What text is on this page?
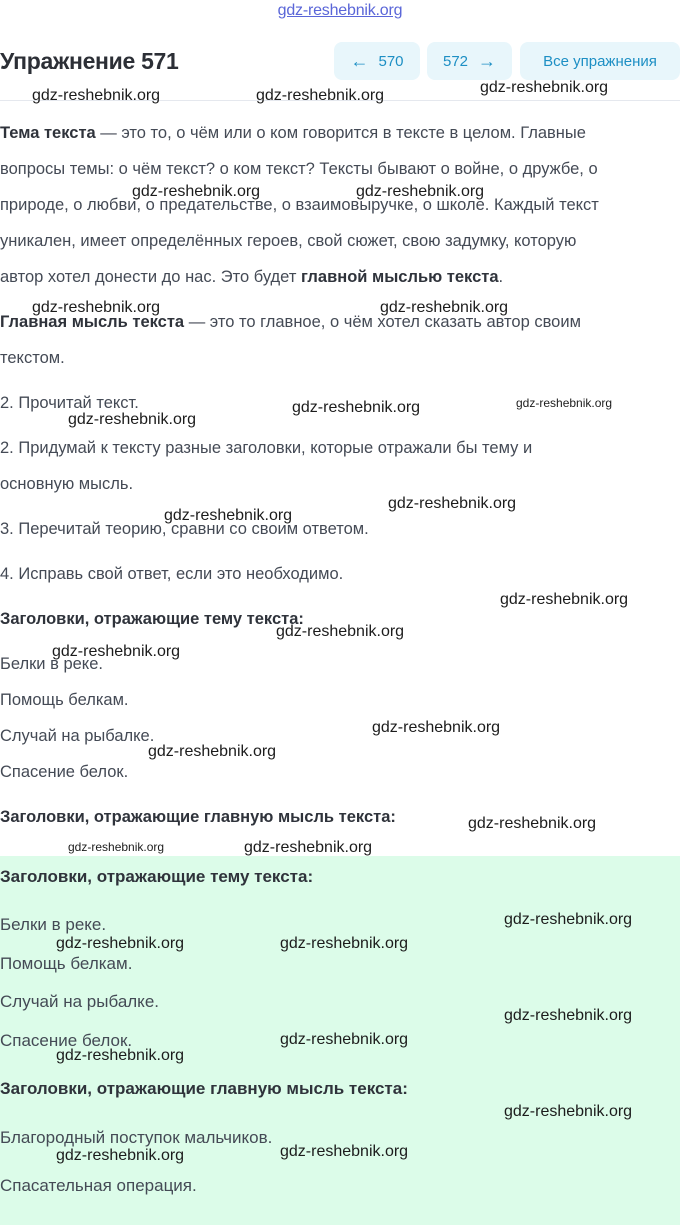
gdz-reshebnik.org
Упражнение 571	← 570	572 →	Все упражнения
Тема текста — это то, о чём или о ком говорится в тексте в целом. Главные
вопросы темы: о чём текст? о ком текст? Тексты бывают о войне, о дружбе, о
природе, о любви, о предательстве, о взаимовыручке, о школе. Каждый текст
уникален, имеет определённых героев, свой сюжет, свою задумку, которую
автор хотел донести до нас. Это будет главной мыслью текста.
Главная мысль текста — это то главное, о чём хотел сказать автор своим
текстом.
2. Прочитай текст.
2. Придумай к тексту разные заголовки, которые отражали бы тему и
основную мысль.
3. Перечитай теорию, сравни со своим ответом.
4. Исправь свой ответ, если это необходимо.
Заголовки, отражающие тему текста:
Белки в реке.
Помощь белкам.
Случай на рыбалке.
Спасение белок.
Заголовки, отражающие главную мысль текста:
Заголовки, отражающие тему текста:
Белки в реке.
Помощь белкам.
Случай на рыбалке.
Спасение белок.
Заголовки, отражающие главную мысль текста:
Благородный поступок мальчиков.
Спасательная операция.
gdz-reshebnik.org	gdz-reshebnik.org	gdz-reshebnik.org
gdz-reshebnik.org	gdz-reshebnik.org
gdz-reshebnik.org	gdz-reshebnik.org
gdz-reshebnik.org	gdz-reshebnik.org
gdz-reshebnik.org
gdz-reshebnik.org
gdz-reshebnik.org
gdz-reshebnik.org
gdz-reshebnik.org
gdz-reshebnik.org
gdz-reshebnik.org
gdz-reshebnik.org
gdz-reshebnik.org
gdz-reshebnik.org	gdz-reshebnik.org
gdz-reshebnik.org
gdz-reshebnik.org	gdz-reshebnik.org
gdz-reshebnik.org
gdz-reshebnik.org
gdz-reshebnik.org
gdz-reshebnik.org
gdz-reshebnik.org
gdz-reshebnik.org
